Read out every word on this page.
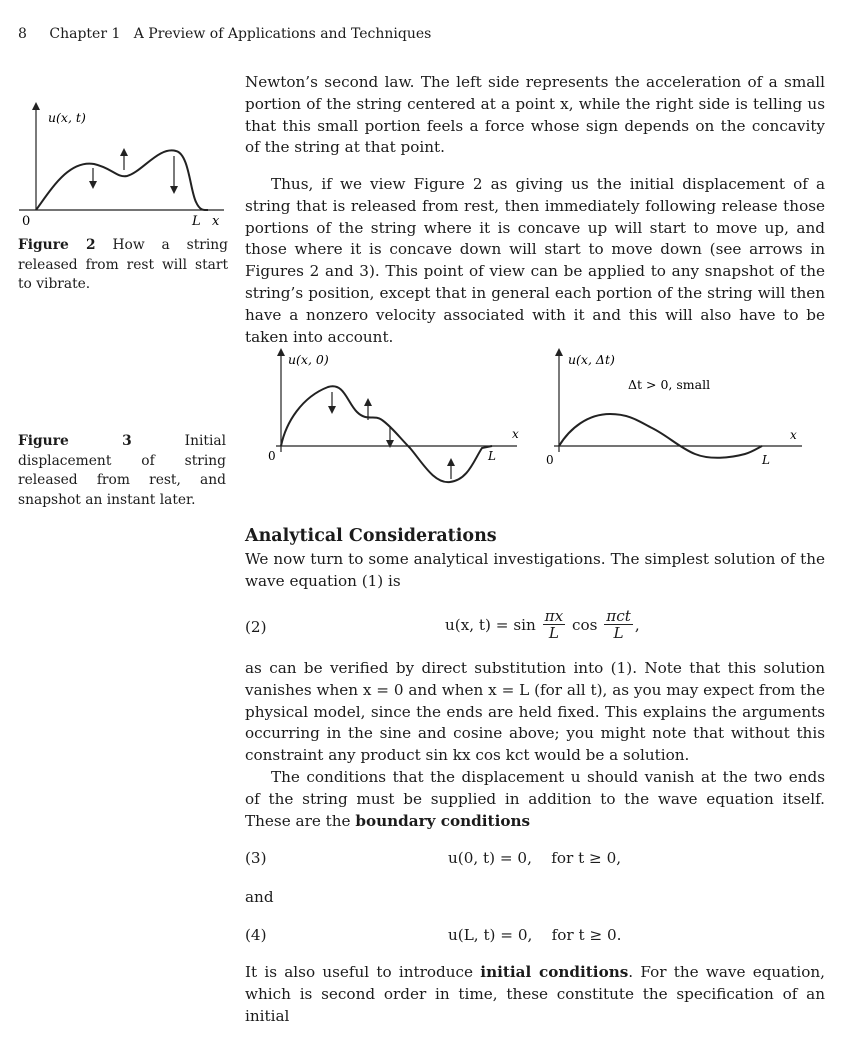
8 Chapter 1   A Preview of Applications and Techniques

Newton’s second law. The left side represents the acceleration of a small portion of the string centered at a point x, while the right side is telling us that this small portion feels a force whose sign depends on the concavity of the string at that point.

Thus, if we view Figure 2 as giving us the initial displacement of a string that is released from rest, then immediately following release those portions of the string where it is concave up will start to move up, and those where it is concave down will start to move down (see arrows in Figures 2 and 3). This point of view can be applied to any snapshot of the string’s position, except that in general each portion of the string will then have a nonzero velocity associated with it and this will also have to be taken into account.

u(x, t)
0	L x
Figure 2 How a string released from rest will start to vibrate.
Figure 3 Initial displacement of string released from rest, and snapshot an instant later.
u(x, 0)
0
x
L
u(x, Δt)
Δt > 0, small
0
x
L
Analytical Considerations

We now turn to some analytical investigations. The simplest solution of the wave equation (1) is

(2)	u(x, $t) = \sin \frac{\pi x}{L}$ $\cos \frac{\text{πct}}{L}$ ,

as can be verified by direct substitution into (1). Note that this solution vanishes when x = 0 and when x = L (for all t), as you may expect from the physical model, since the ends are held fixed. This explains the arguments occurring in the sine and cosine above; you might note that without this constraint any product sin kx cos kct would be a solution.

The conditions that the displacement u should vanish at the two ends of the string must be supplied in addition to the wave equation itself. These are the boundary conditions

(3)	u(0, t) = 0,    for t ≥ 0,

and

(4)	u(L, t) = 0,    for t ≥ 0.

It is also useful to introduce initial conditions. For the wave equation, which is second order in time, these constitute the specification of an initial
